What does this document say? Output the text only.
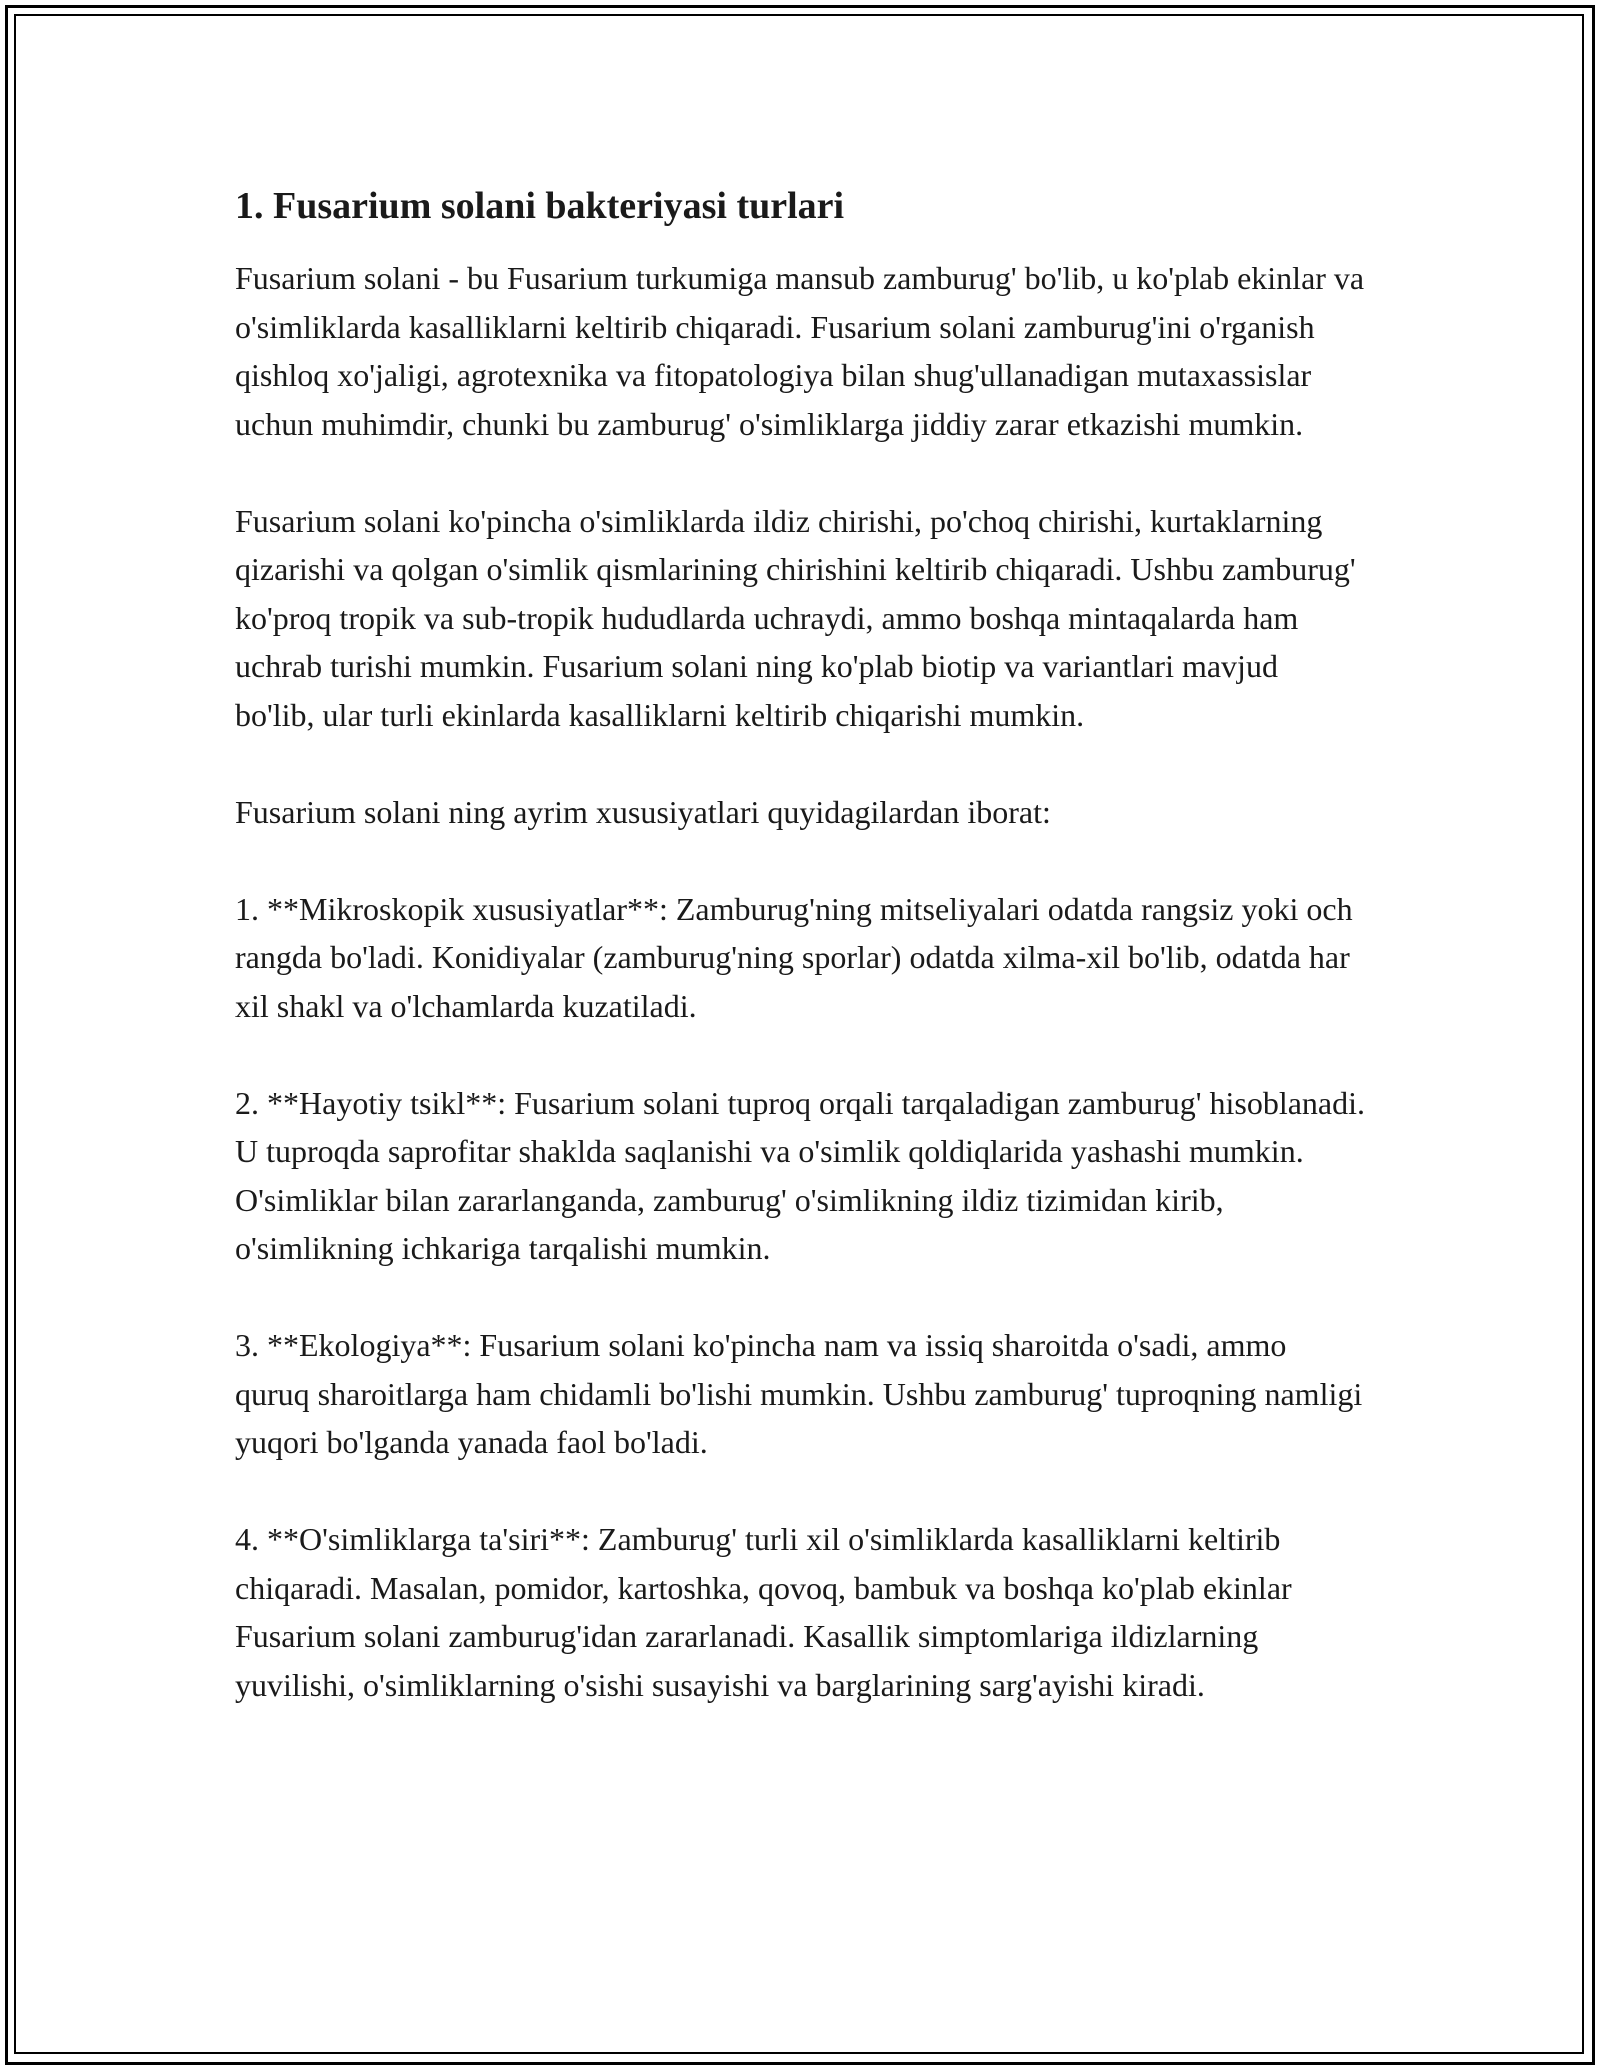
1. Fusarium solani bakteriyasi turlari

Fusarium solani - bu Fusarium turkumiga mansub zamburug' bo'lib, u ko'plab ekinlar va o'simliklarda kasalliklarni keltirib chiqaradi. Fusarium solani zamburug'ini o'rganish qishloq xo'jaligi, agrotexnika va fitopatologiya bilan shug'ullanadigan mutaxassislar uchun muhimdir, chunki bu zamburug' o'simliklarga jiddiy zarar etkazishi mumkin.

Fusarium solani ko'pincha o'simliklarda ildiz chirishi, po'choq chirishi, kurtaklarning qizarishi va qolgan o'simlik qismlarining chirishini keltirib chiqaradi. Ushbu zamburug' ko'proq tropik va sub-tropik hududlarda uchraydi, ammo boshqa mintaqalarda ham uchrab turishi mumkin. Fusarium solani ning ko'plab biotip va variantlari mavjud bo'lib, ular turli ekinlarda kasalliklarni keltirib chiqarishi mumkin.

Fusarium solani ning ayrim xususiyatlari quyidagilardan iborat:

1. **Mikroskopik xususiyatlar**: Zamburug'ning mitseliyalari odatda rangsiz yoki och rangda bo'ladi. Konidiyalar (zamburug'ning sporlar) odatda xilma-xil bo'lib, odatda har xil shakl va o'lchamlarda kuzatiladi.

2. **Hayotiy tsikl**: Fusarium solani tuproq orqali tarqaladigan zamburug' hisoblanadi. U tuproqda saprofitar shaklda saqlanishi va o'simlik qoldiqlarida yashashi mumkin. O'simliklar bilan zararlanganda, zamburug' o'simlikning ildiz tizimidan kirib, o'simlikning ichkariga tarqalishi mumkin.

3. **Ekologiya**: Fusarium solani ko'pincha nam va issiq sharoitda o'sadi, ammo quruq sharoitlarga ham chidamli bo'lishi mumkin. Ushbu zamburug' tuproqning namligi yuqori bo'lganda yanada faol bo'ladi.

4. **O'simliklarga ta'siri**: Zamburug' turli xil o'simliklarda kasalliklarni keltirib chiqaradi. Masalan, pomidor, kartoshka, qovoq, bambuk va boshqa ko'plab ekinlar Fusarium solani zamburug'idan zararlanadi. Kasallik simptomlariga ildizlarning yuvilishi, o'simliklarning o'sishi susayishi va barglarining sarg'ayishi kiradi.
